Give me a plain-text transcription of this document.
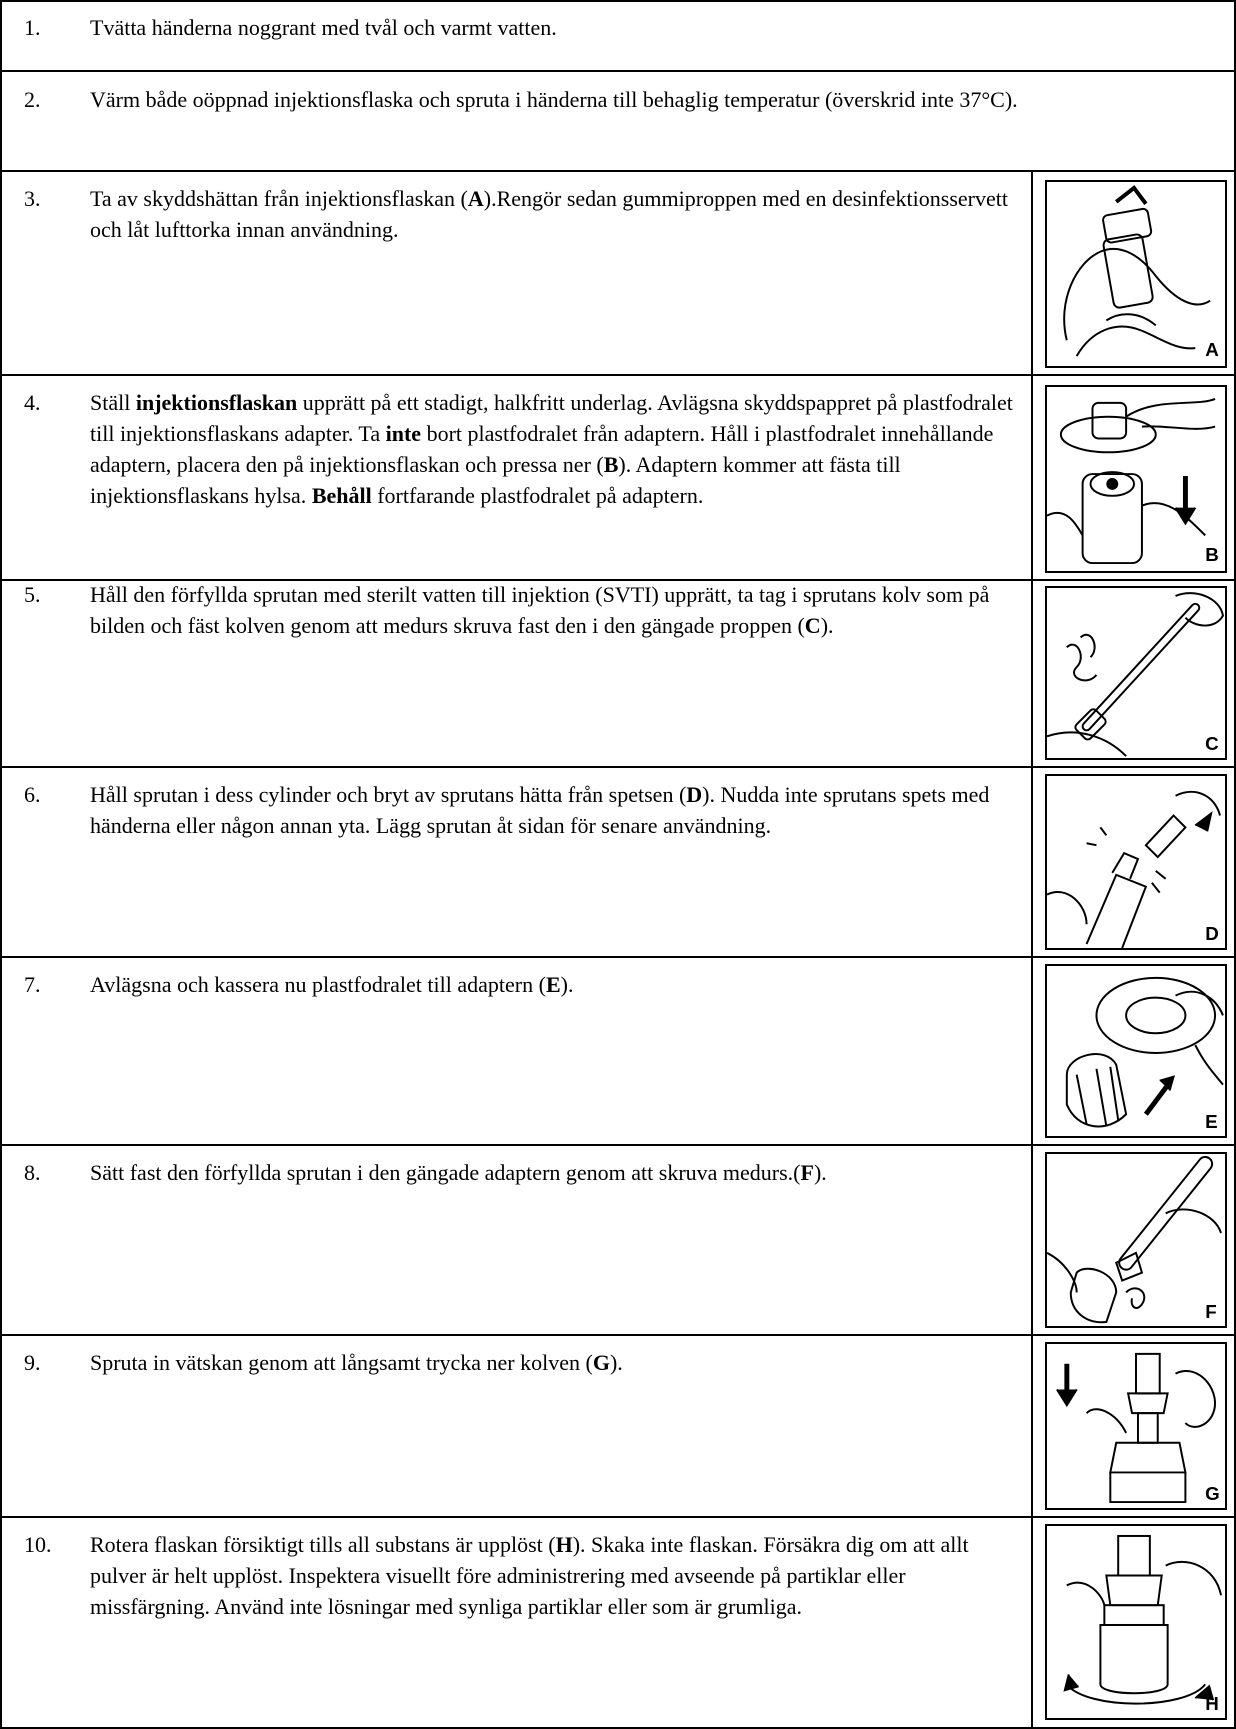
1. Tvätta händerna noggrant med tvål och varmt vatten.
2. Värm både oöppnad injektionsflaska och spruta i händerna till behaglig temperatur (överskrid inte 37°C).
3. Ta av skyddshättan från injektionsflaskan (A).Rengör sedan gummiproppen med en desinfektionsservett och låt lufttorka innan användning.
A
4. Ställ injektionsflaskan upprätt på ett stadigt, halkfritt underlag. Avlägsna skyddspappret på plastfodralet till injektionsflaskans adapter. Ta inte bort plastfodralet från adaptern. Håll i plastfodralet innehållande adaptern, placera den på injektionsflaskan och pressa ner (B). Adaptern kommer att fästa till injektionsflaskans hylsa. Behåll fortfarande plastfodralet på adaptern.
B
5. Håll den förfyllda sprutan med sterilt vatten till injektion (SVTI) upprätt, ta tag i sprutans kolv som på bilden och fäst kolven genom att medurs skruva fast den i den gängade proppen (C).
C
6. Håll sprutan i dess cylinder och bryt av sprutans hätta från spetsen (D). Nudda inte sprutans spets med händerna eller någon annan yta. Lägg sprutan åt sidan för senare användning.
D
7. Avlägsna och kassera nu plastfodralet till adaptern (E).
E
8. Sätt fast den förfyllda sprutan i den gängade adaptern genom att skruva medurs.(F).
F
9. Spruta in vätskan genom att långsamt trycka ner kolven (G).
G
10. Rotera flaskan försiktigt tills all substans är upplöst (H). Skaka inte flaskan. Försäkra dig om att allt pulver är helt upplöst. Inspektera visuellt före administrering med avseende på partiklar eller missfärgning. Använd inte lösningar med synliga partiklar eller som är grumliga.
H
